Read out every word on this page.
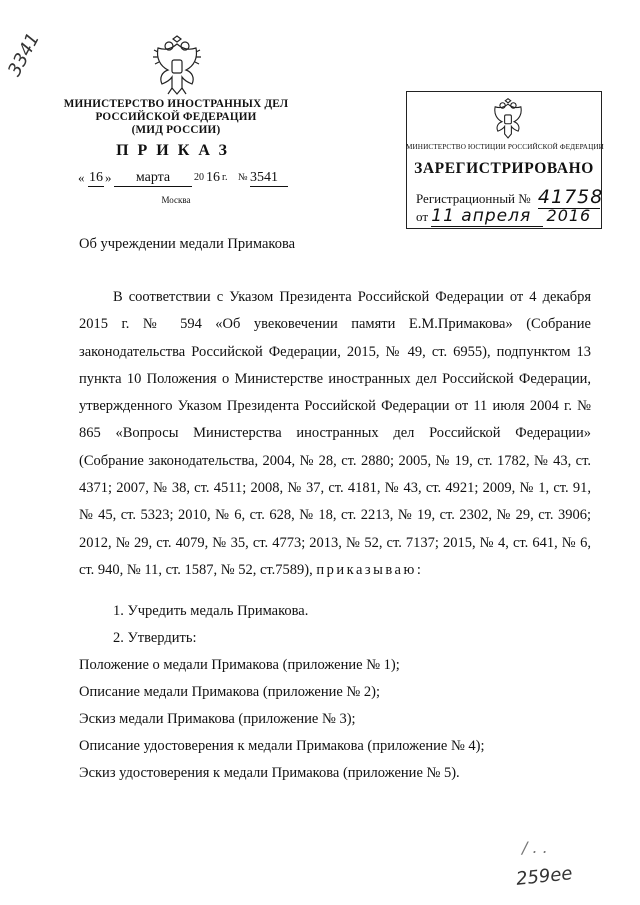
3341
/ . .
259ее
МИНИСТЕРСТВО ИНОСТРАННЫХ ДЕЛ
РОССИЙСКОЙ ФЕДЕРАЦИИ
(МИД РОССИИ)
ПРИКАЗ
« 16 »	марта	20 16 г. № 3541
Москва
МИНИСТЕРСТВО ЮСТИЦИИ РОССИЙСКОЙ ФЕДЕРАЦИИ
ЗАРЕГИСТРИРОВАНО
Регистрационный № 41758
от 11 апреля 2016
Об учреждении медали Примакова

В соответствии с Указом Президента Российской Федерации от 4 декабря 2015 г. № 594 «Об увековечении памяти Е.М.Примакова» (Собрание законодательства Российской Федерации, 2015, № 49, ст. 6955), подпунктом 13 пункта 10 Положения о Министерстве иностранных дел Российской Федерации, утвержденного Указом Президента Российской Федерации от 11 июля 2004 г. № 865 «Вопросы Министерства иностранных дел Российской Федерации» (Собрание законодательства, 2004, № 28, ст. 2880; 2005, № 19, ст. 1782, № 43, ст. 4371; 2007, № 38, ст. 4511; 2008, № 37, ст. 4181, № 43, ст. 4921; 2009, № 1, ст. 91, № 45, ст. 5323; 2010, № 6, ст. 628, № 18, ст. 2213, № 19, ст. 2302, № 29, ст. 3906; 2012, № 29, ст. 4079, № 35, ст. 4773; 2013, № 52, ст. 7137; 2015, № 4, ст. 641, № 6, ст. 940, № 11, ст. 1587, № 52, ст.7589), приказываю:

1. Учредить медаль Примакова.
2. Утвердить:
Положение о медали Примакова (приложение № 1);
Описание медали Примакова (приложение № 2);
Эскиз медали Примакова (приложение № 3);
Описание удостоверения к медали Примакова (приложение № 4);
Эскиз удостоверения к медали Примакова (приложение № 5).
